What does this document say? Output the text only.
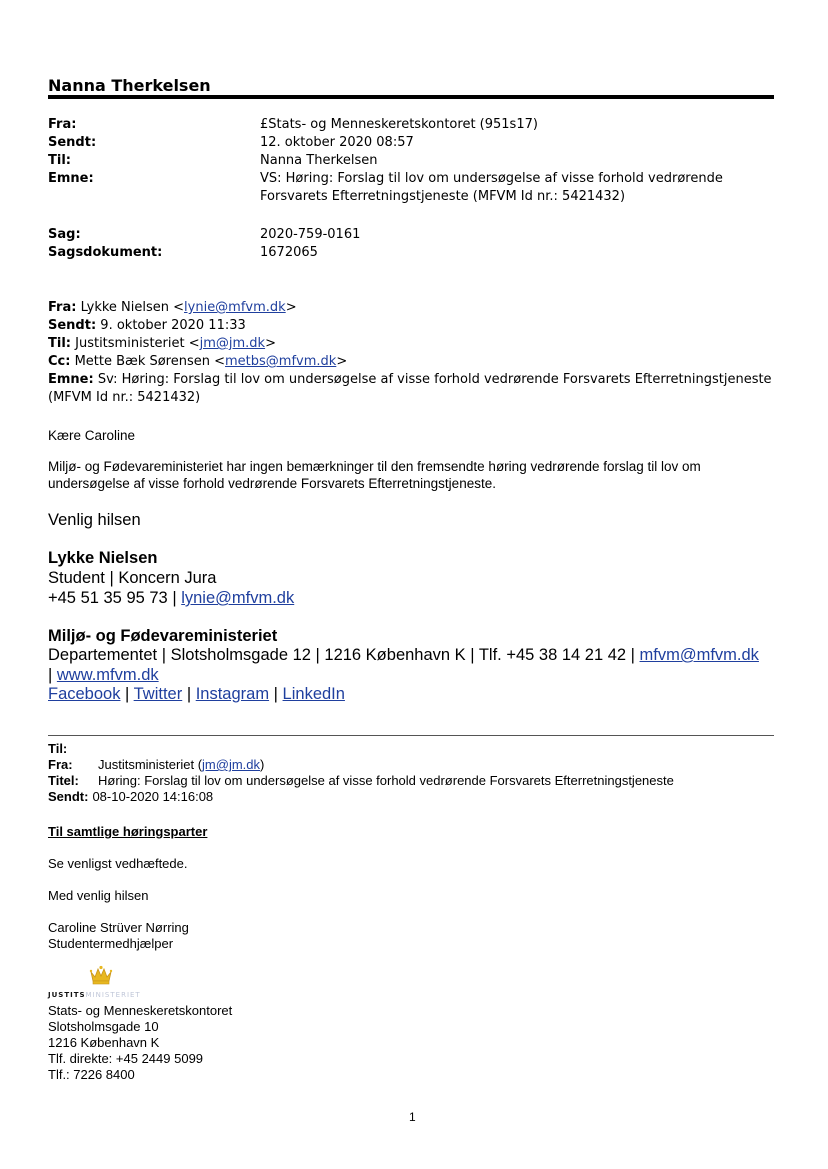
Nanna Therkelsen
Fra:	£Stats- og Menneskeretskontoret (951s17)
Sendt:	12. oktober 2020 08:57
Til:	Nanna Therkelsen
Emne:	VS: Høring: Forslag til lov om undersøgelse af visse forhold vedrørende Forsvarets Efterretningstjeneste (MFVM Id nr.: 5421432)
Sag:	2020-759-0161
Sagsdokument:	1672065
Fra: Lykke Nielsen <lynie@mfvm.dk>
Sendt: 9. oktober 2020 11:33
Til: Justitsministeriet <jm@jm.dk>
Cc: Mette Bæk Sørensen <metbs@mfvm.dk>
Emne: Sv: Høring: Forslag til lov om undersøgelse af visse forhold vedrørende Forsvarets Efterretningstjeneste (MFVM Id nr.: 5421432)
Kære Caroline
Miljø- og Fødevareministeriet har ingen bemærkninger til den fremsendte høring vedrørende forslag til lov om undersøgelse af visse forhold vedrørende Forsvarets Efterretningstjeneste.
Venlig hilsen
Lykke Nielsen
Student | Koncern Jura
+45 51 35 95 73 | lynie@mfvm.dk
Miljø- og Fødevareministeriet
Departementet | Slotsholmsgade 12 | 1216 København K | Tlf. +45 38 14 21 42 | mfvm@mfvm.dk
| www.mfvm.dk
Facebook | Twitter | Instagram | LinkedIn
Til:
Fra: Justitsministeriet (jm@jm.dk)
Titel: Høring: Forslag til lov om undersøgelse af visse forhold vedrørende Forsvarets Efterretningstjeneste
Sendt: 08-10-2020 14:16:08
Til samtlige høringsparter
Se venligst vedhæftede.
Med venlig hilsen
Caroline Strüver Nørring
Studentermedhjælper
JUSTITSMINISTERIET
Stats- og Menneskeretskontoret
Slotsholmsgade 10
1216 København K
Tlf. direkte: +45 2449 5099
Tlf.: 7226 8400
1
